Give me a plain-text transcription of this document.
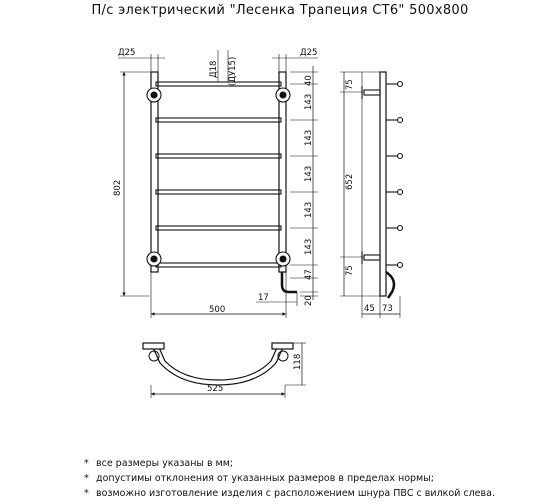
П/с электрический "Лесенка Трапеция СТ6" 500х800
Д25	Д25
Д18 (ДУ15)
802
40
143
143
143
143
143
47
500
17	20
75
652
75
45 73
118
525
* все размеры указаны в мм;
* допустимы отклонения от указанных размеров в пределах нормы;
* возможно изготовление изделия с расположением шнура ПВС с вилкой слева.
